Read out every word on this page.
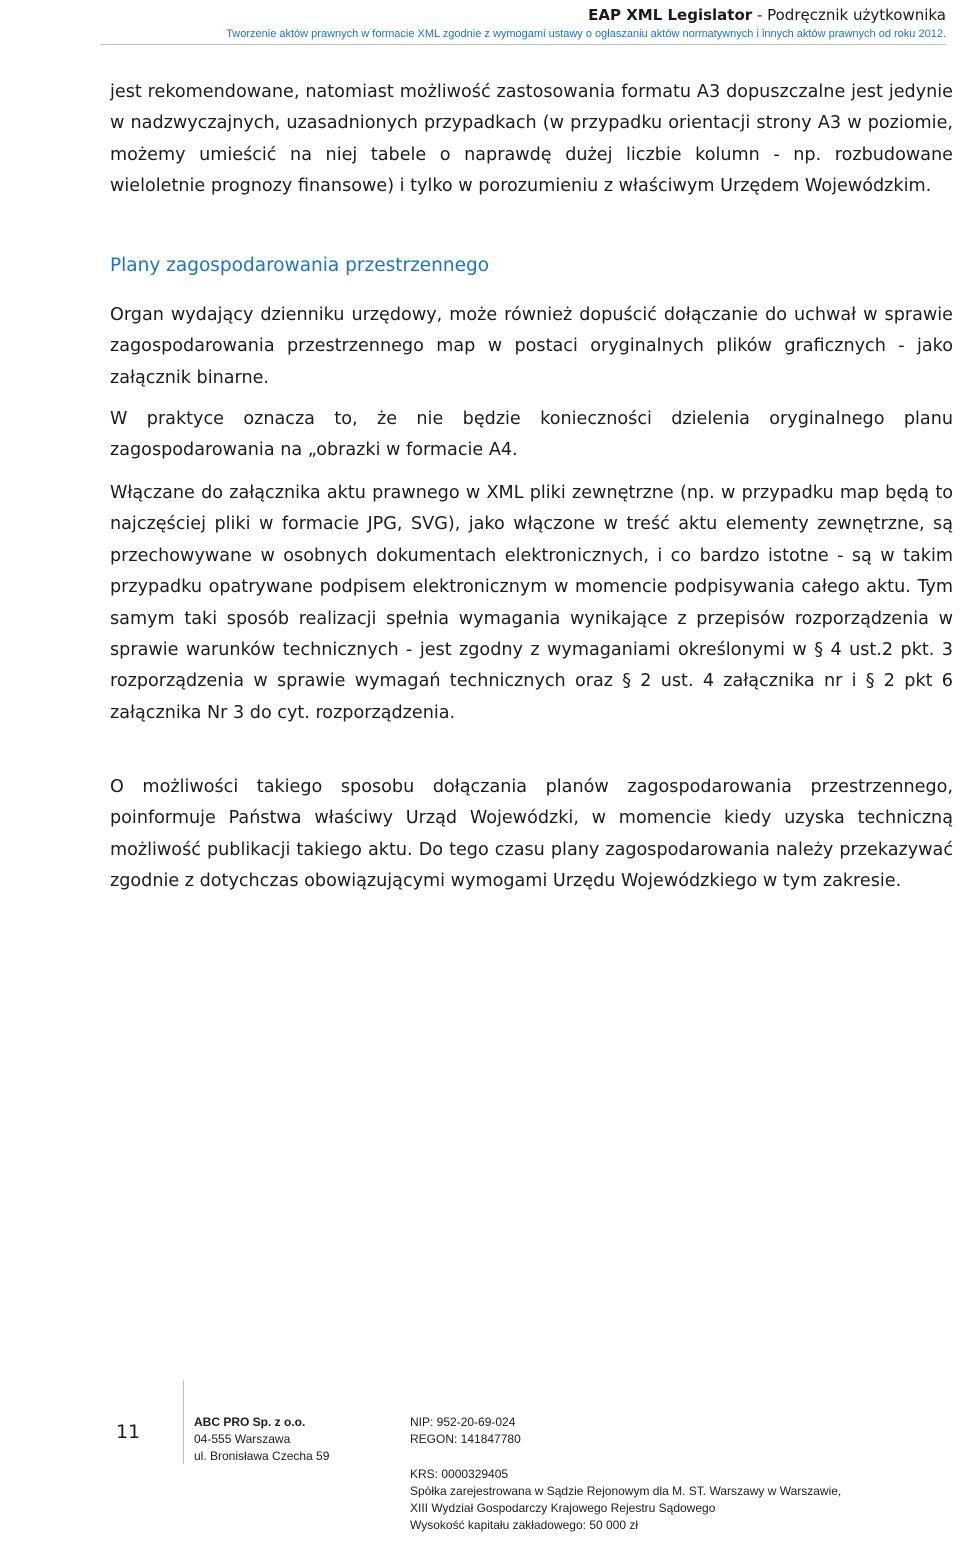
EAP XML Legislator - Podręcznik użytkownika
Tworzenie aktów prawnych w formacie XML zgodnie z wymogami ustawy o ogłaszaniu aktów normatywnych i innych aktów prawnych od roku 2012.

jest rekomendowane, natomiast możliwość zastosowania formatu A3 dopuszczalne jest jedynie w nadzwyczajnych, uzasadnionych przypadkach (w przypadku orientacji strony A3 w poziomie, możemy umieścić na niej tabele o naprawdę dużej liczbie kolumn - np. rozbudowane wieloletnie prognozy finansowe) i tylko w porozumieniu z właściwym Urzędem Wojewódzkim.

Plany zagospodarowania przestrzennego

Organ wydający dzienniku urzędowy, może również dopuścić dołączanie do uchwał w sprawie zagospodarowania przestrzennego map w postaci oryginalnych plików graficznych - jako załącznik binarne.

W praktyce oznacza to, że nie będzie konieczności dzielenia oryginalnego planu zagospodarowania na „obrazki w formacie A4.

Włączane do załącznika aktu prawnego w XML pliki zewnętrzne (np. w przypadku map będą to najczęściej pliki w formacie JPG, SVG), jako włączone w treść aktu elementy zewnętrzne, są przechowywane w osobnych dokumentach elektronicznych, i co bardzo istotne - są w takim przypadku opatrywane podpisem elektronicznym w momencie podpisywania całego aktu. Tym samym taki sposób realizacji spełnia wymagania wynikające z przepisów rozporządzenia w sprawie warunków technicznych - jest zgodny z wymaganiami określonymi w § 4 ust.2 pkt. 3 rozporządzenia w sprawie wymagań technicznych oraz § 2 ust. 4 załącznika nr i § 2 pkt 6 załącznika Nr 3 do cyt. rozporządzenia.

O możliwości takiego sposobu dołączania planów zagospodarowania przestrzennego, poinformuje Państwa właściwy Urząd Wojewódzki, w momencie kiedy uzyska techniczną możliwość publikacji takiego aktu. Do tego czasu plany zagospodarowania należy przekazywać zgodnie z dotychczas obowiązującymi wymogami Urzędu Wojewódzkiego w tym zakresie.

11	ABC PRO Sp. z o.o.
04-555 Warszawa
ul. Bronisława Czecha 59
NIP: 952-20-69-024
REGON: 141847780
KRS: 0000329405
Spółka zarejestrowana w Sądzie Rejonowym dla M. ST. Warszawy w Warszawie,
XIII Wydział Gospodarczy Krajowego Rejestru Sądowego
Wysokość kapitału zakładowego: 50 000 zł
